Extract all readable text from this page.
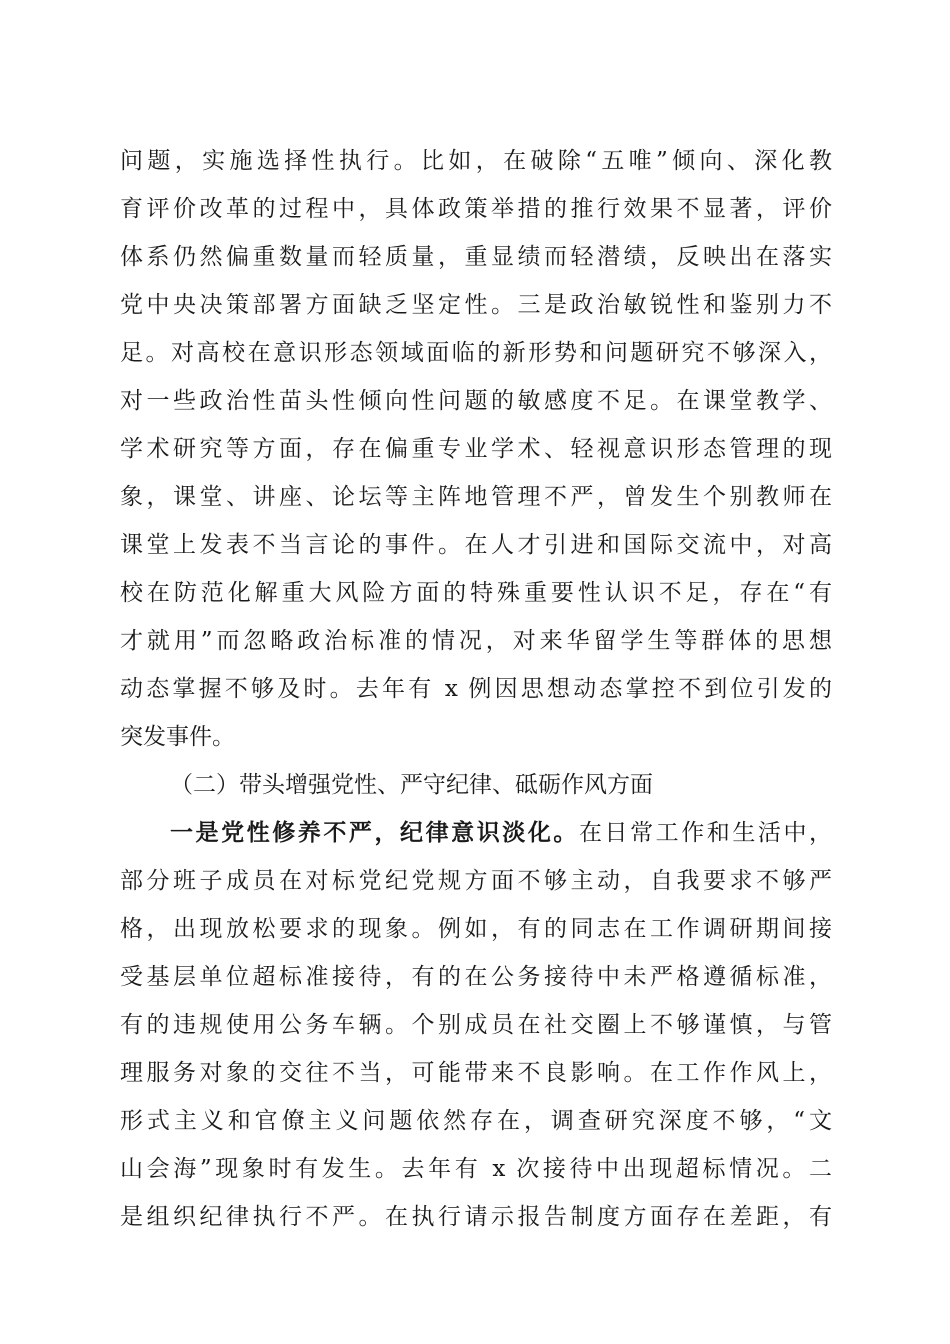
问题，实施选择性执行。比如，在破除“五唯”倾向、深化教
育评价改革的过程中，具体政策举措的推行效果不显著，评价
体系仍然偏重数量而轻质量，重显绩而轻潜绩，反映出在落实
党中央决策部署方面缺乏坚定性。三是政治敏锐性和鉴别力不
足。对高校在意识形态领域面临的新形势和问题研究不够深入，
对一些政治性苗头性倾向性问题的敏感度不足。在课堂教学、
学术研究等方面，存在偏重专业学术、轻视意识形态管理的现
象，课堂、讲座、论坛等主阵地管理不严，曾发生个别教师在
课堂上发表不当言论的事件。在人才引进和国际交流中，对高
校在防范化解重大风险方面的特殊重要性认识不足，存在“有
才就用”而忽略政治标准的情况，对来华留学生等群体的思想
动态掌握不够及时。去年有 x 例因思想动态掌控不到位引发的
突发事件。
（二）带头增强党性、严守纪律、砥砺作风方面
一是党性修养不严，纪律意识淡化。在日常工作和生活中，
部分班子成员在对标党纪党规方面不够主动，自我要求不够严
格，出现放松要求的现象。例如，有的同志在工作调研期间接
受基层单位超标准接待，有的在公务接待中未严格遵循标准，
有的违规使用公务车辆。个别成员在社交圈上不够谨慎，与管
理服务对象的交往不当，可能带来不良影响。在工作作风上，
形式主义和官僚主义问题依然存在，调查研究深度不够，“文
山会海”现象时有发生。去年有 x 次接待中出现超标情况。二
是组织纪律执行不严。在执行请示报告制度方面存在差距，有
